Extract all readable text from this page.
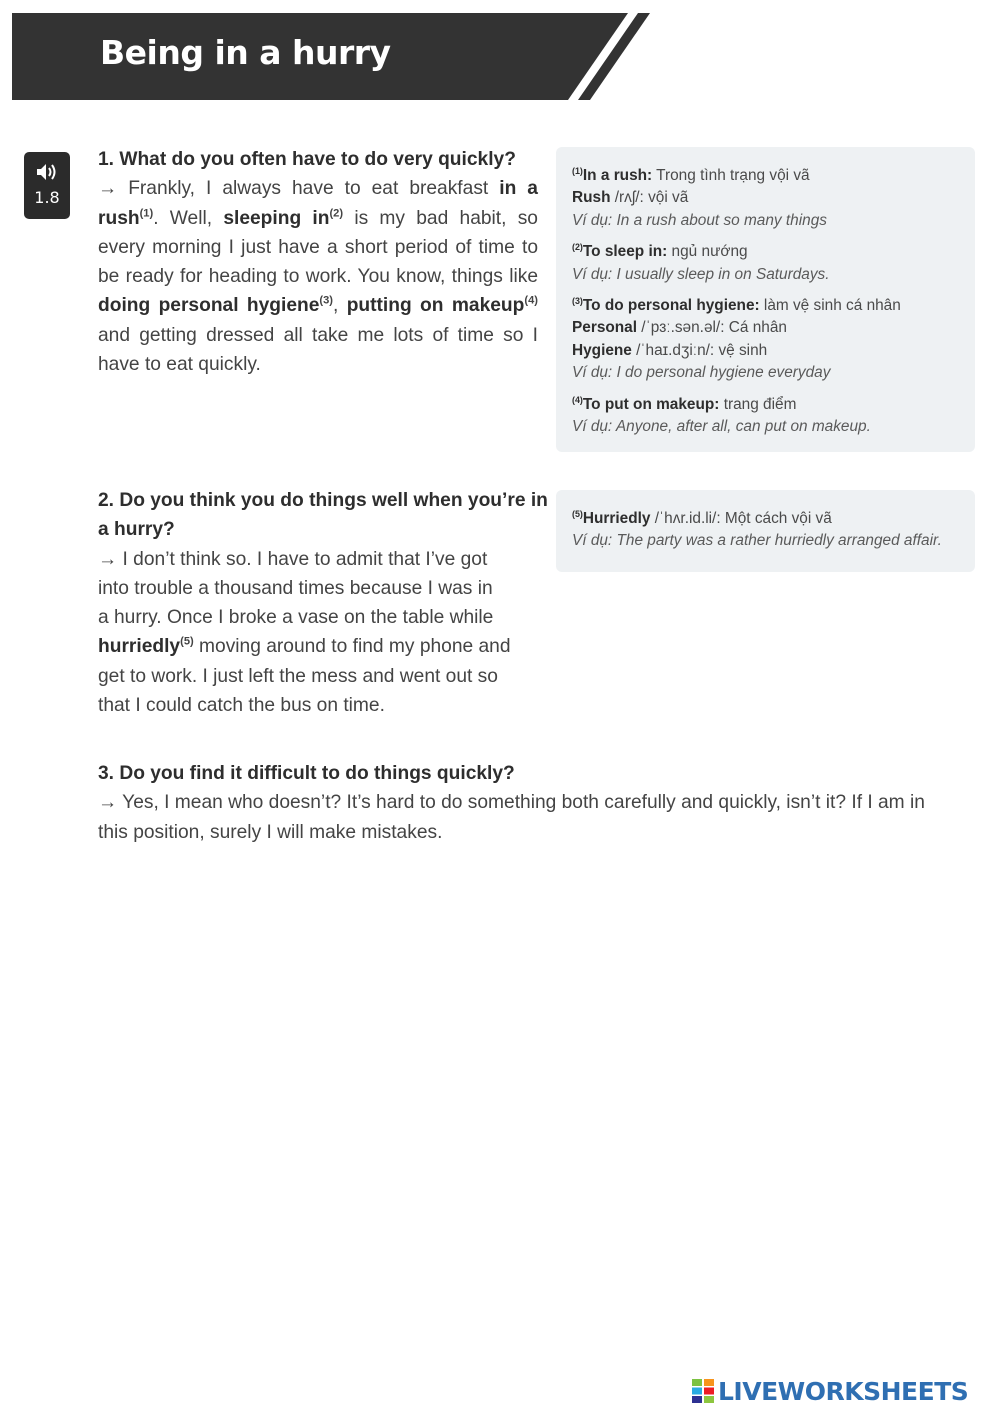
Being in a hurry
1.8
1. What do you often have to do very quickly?
→ Frankly, I always have to eat breakfast in a rush$^{(1)}$. Well, sleeping $in^{(2)}$ is my bad habit, so every morning I just have a short period of time to be ready for heading to work. You know, things like doing personal hygiene$^{(3)}$, putting on makeup$^{(4)}$ and getting dressed all take me lots of time so I have to eat quickly.
$^{(1)}$In a rush: Trong tình trạng vội vã
Rush /rʌʃ/: vội vã
Ví dụ: In a rush about so many things
$^{(2)}$To sleep in: ngủ nướng
Ví dụ: I usually sleep in on Saturdays.
$^{(3)}$To do personal hygiene: làm vệ sinh cá nhân
Personal /ˈpɜː.sən.əl/: Cá nhân
Hygiene /ˈhaɪ.dʒiːn/: vệ sinh
Ví dụ: I do personal hygiene everyday
$^{(4)}$To put on makeup: trang điểm
Ví dụ: Anyone, after all, can put on makeup.
2. Do you think you do things well when you’re in
a hurry?
→ I don’t think so. I have to admit that I’ve got
into trouble a thousand times because I was in
a hurry. Once I broke a vase on the table while
hurriedly$^{(5)}$ moving around to find my phone and
get to work. I just left the mess and went out so
that I could catch the bus on time.
$^{(5)}$Hurriedly /ˈhʌr.id.li/: Một cách vội vã
Ví dụ: The party was a rather hurriedly arranged affair.
3. Do you find it difficult to do things quickly?
→ Yes, I mean who doesn’t? It’s hard to do something both carefully and quickly, isn’t it? If I am in
this position, surely I will make mistakes.
LIVEWORKSHEETS
